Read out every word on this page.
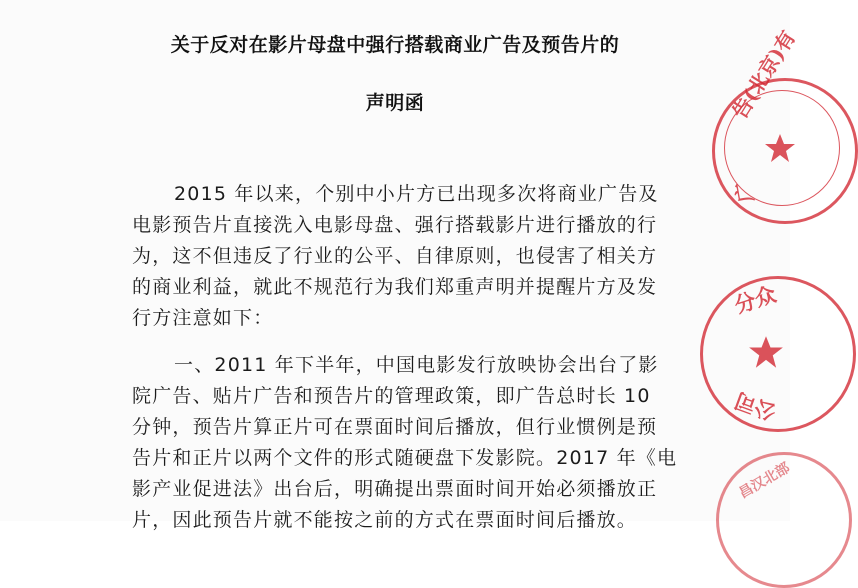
关于反对在影片母盘中强行搭载商业广告及预告片的
声明函
2015 年以来，个别中小片方已出现多次将商业广告及
电影预告片直接洗入电影母盘、强行搭载影片进行播放的行
为，这不但违反了行业的公平、自律原则，也侵害了相关方
的商业利益，就此不规范行为我们郑重声明并提醒片方及发
行方注意如下：
一、2011 年下半年，中国电影发行放映协会出台了影
院广告、贴片广告和预告片的管理政策，即广告总时长 10
分钟，预告片算正片可在票面时间后播放，但行业惯例是预
告片和正片以两个文件的形式随硬盘下发影院。2017 年《电
影产业促进法》出台后，明确提出票面时间开始必须播放正
片，因此预告片就不能按之前的方式在票面时间后播放。
告(北京)有
广
分众
公司
昌汉北部
